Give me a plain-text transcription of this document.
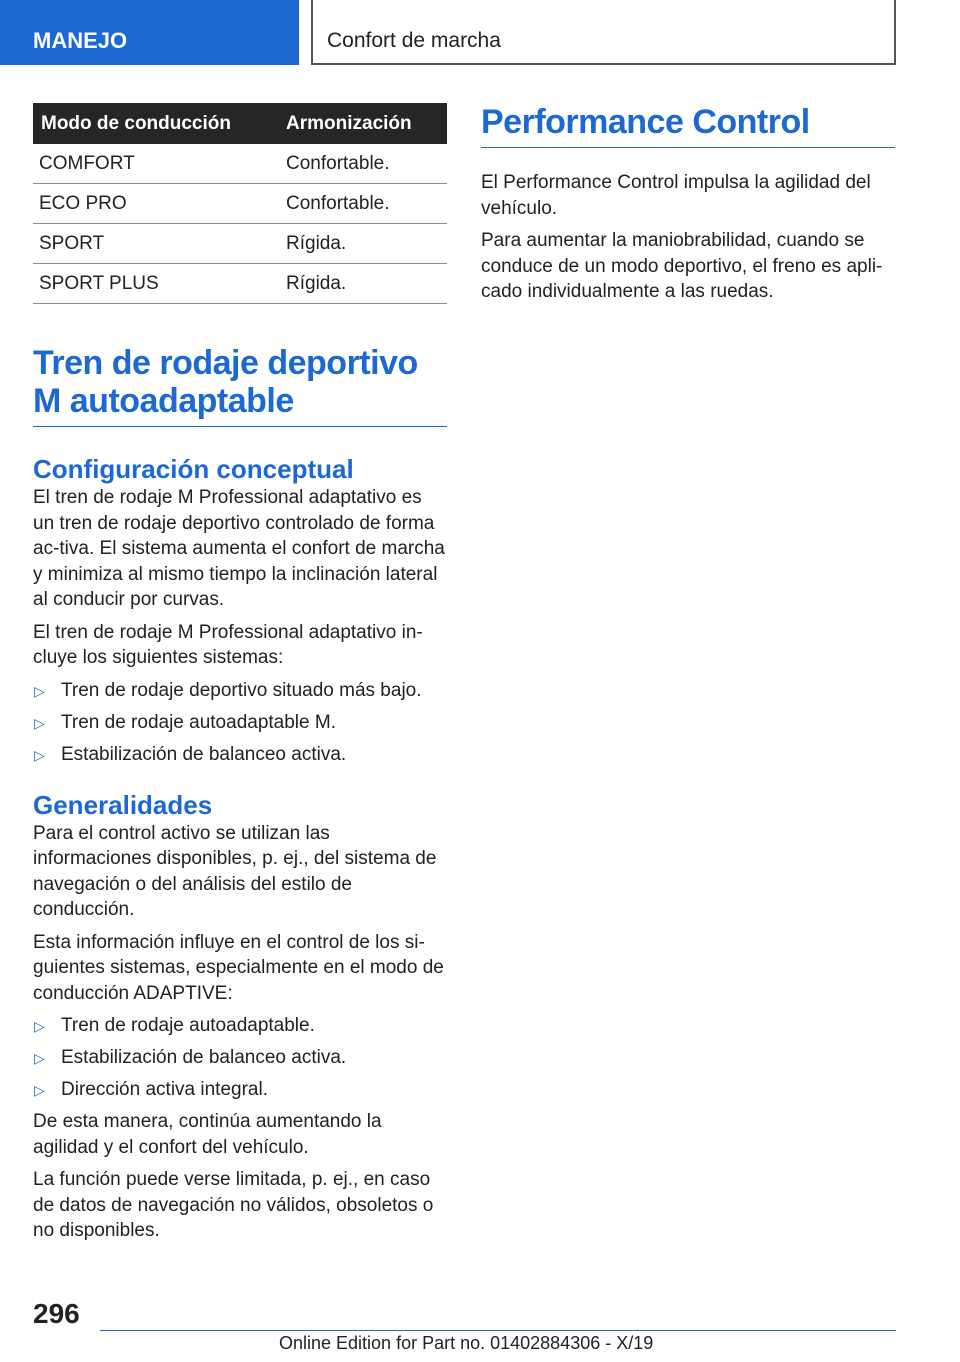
MANEJO	Confort de marcha
Modo de conducción	Armonización
COMFORT	Confortable.
ECO PRO	Confortable.
SPORT	Rígida.
SPORT PLUS	Rígida.
Tren de rodaje deportivo M autoadaptable
Configuración conceptual

El tren de rodaje M Professional adaptativo es un tren de rodaje deportivo controlado de forma ac-tiva. El sistema aumenta el confort de marcha y minimiza al mismo tiempo la inclinación lateral al conducir por curvas.

El tren de rodaje M Professional adaptativo in-cluye los siguientes sistemas:

▷ Tren de rodaje deportivo situado más bajo.
▷ Tren de rodaje autoadaptable M.
▷ Estabilización de balanceo activa.
Generalidades

Para el control activo se utilizan las informaciones disponibles, p. ej., del sistema de navegación o del análisis del estilo de conducción.

Esta información influye en el control de los si-guientes sistemas, especialmente en el modo de conducción ADAPTIVE:

▷ Tren de rodaje autoadaptable.
▷ Estabilización de balanceo activa.
▷ Dirección activa integral.

De esta manera, continúa aumentando la agilidad y el confort del vehículo.

La función puede verse limitada, p. ej., en caso de datos de navegación no válidos, obsoletos o no disponibles.

Performance Control

El Performance Control impulsa la agilidad del vehículo.

Para aumentar la maniobrabilidad, cuando se conduce de un modo deportivo, el freno es apli-cado individualmente a las ruedas.

296
Online Edition for Part no. 01402884306 - X/19
